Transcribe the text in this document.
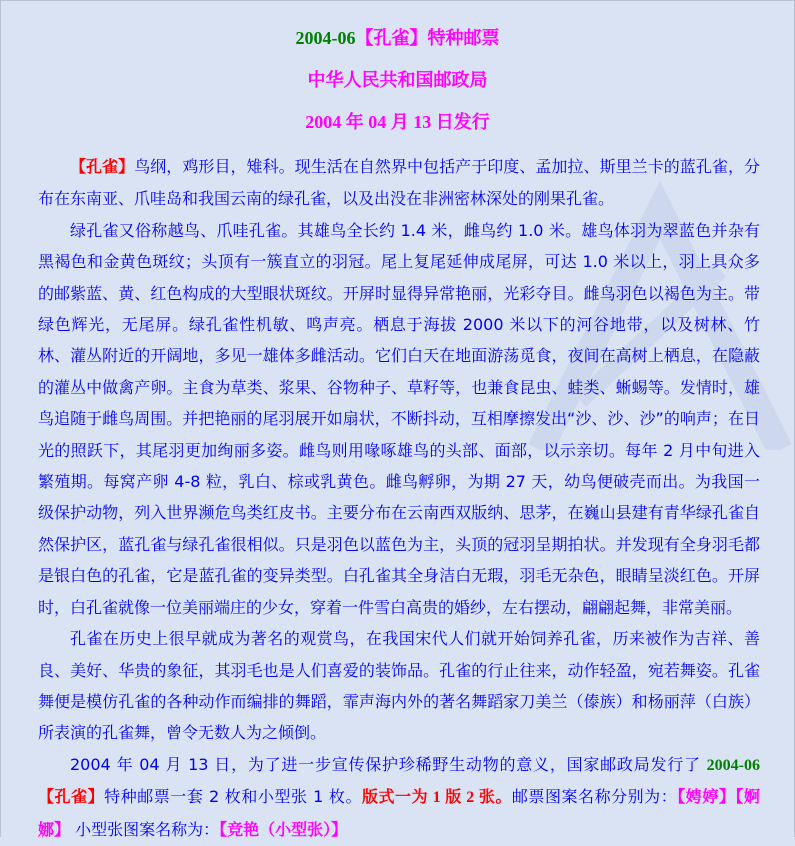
2004-06【孔雀】特种邮票
中华人民共和国邮政局
2004 年 04 月 13 日发行

【孔雀】鸟纲，鸡形目，雉科。现生活在自然界中包括产于印度、孟加拉、斯里兰卡的蓝孔雀，分布在东南亚、爪哇岛和我国云南的绿孔雀，以及出没在非洲密林深处的刚果孔雀。

绿孔雀又俗称越鸟、爪哇孔雀。其雄鸟全长约 1.4 米，雌鸟约 1.0 米。雄鸟体羽为翠蓝色并杂有黑褐色和金黄色斑纹；头顶有一簇直立的羽冠。尾上复尾延伸成尾屏，可达 1.0 米以上，羽上具众多的邮紫蓝、黄、红色构成的大型眼状斑纹。开屏时显得异常艳丽，光彩夺目。雌鸟羽色以褐色为主。带绿色辉光，无尾屏。绿孔雀性机敏、鸣声亮。栖息于海拔 2000 米以下的河谷地带，以及树林、竹林、灌丛附近的开阔地，多见一雄体多雌活动。它们白天在地面游荡觅食，夜间在高树上栖息，在隐蔽的灌丛中做禽产卵。主食为草类、浆果、谷物种子、草籽等，也兼食昆虫、蛙类、蜥蜴等。发情时，雄鸟追随于雌鸟周围。并把艳丽的尾羽展开如扇状，不断抖动，互相摩擦发出“沙、沙、沙”的响声；在日光的照跃下，其尾羽更加绚丽多姿。雌鸟则用喙啄雄鸟的头部、面部，以示亲切。每年 2 月中旬进入繁殖期。每窝产卵 4-8 粒，乳白、棕或乳黄色。雌鸟孵卵，为期 27 天，幼鸟便破壳而出。为我国一级保护动物，列入世界濒危鸟类红皮书。主要分布在云南西双版纳、思茅，在巍山县建有青华绿孔雀自然保护区，蓝孔雀与绿孔雀很相似。只是羽色以蓝色为主，头顶的冠羽呈期拍状。并发现有全身羽毛都是银白色的孔雀，它是蓝孔雀的变异类型。白孔雀其全身洁白无瑕，羽毛无杂色，眼睛呈淡红色。开屏时，白孔雀就像一位美丽端庄的少女，穿着一件雪白高贵的婚纱，左右摆动，翩翩起舞，非常美丽。

孔雀在历史上很早就成为著名的观赏鸟，在我国宋代人们就开始饲养孔雀，历来被作为吉祥、善良、美好、华贵的象征，其羽毛也是人们喜爱的装饰品。孔雀的行止往来，动作轻盈，宛若舞姿。孔雀舞便是模仿孔雀的各种动作而编排的舞蹈，霏声海内外的著名舞蹈家刀美兰（傣族）和杨丽萍（白族）所表演的孔雀舞，曾令无数人为之倾倒。

2004 年 04 月 13 日，为了进一步宣传保护珍稀野生动物的意义，国家邮政局发行了 2004-06【孔雀】特种邮票一套 2 枚和小型张 1 枚。版式一为 1 版 2 张。邮票图案名称分别为：【娉婷】【婀娜】 小型张图案名称为：【竞艳（小型张）】
